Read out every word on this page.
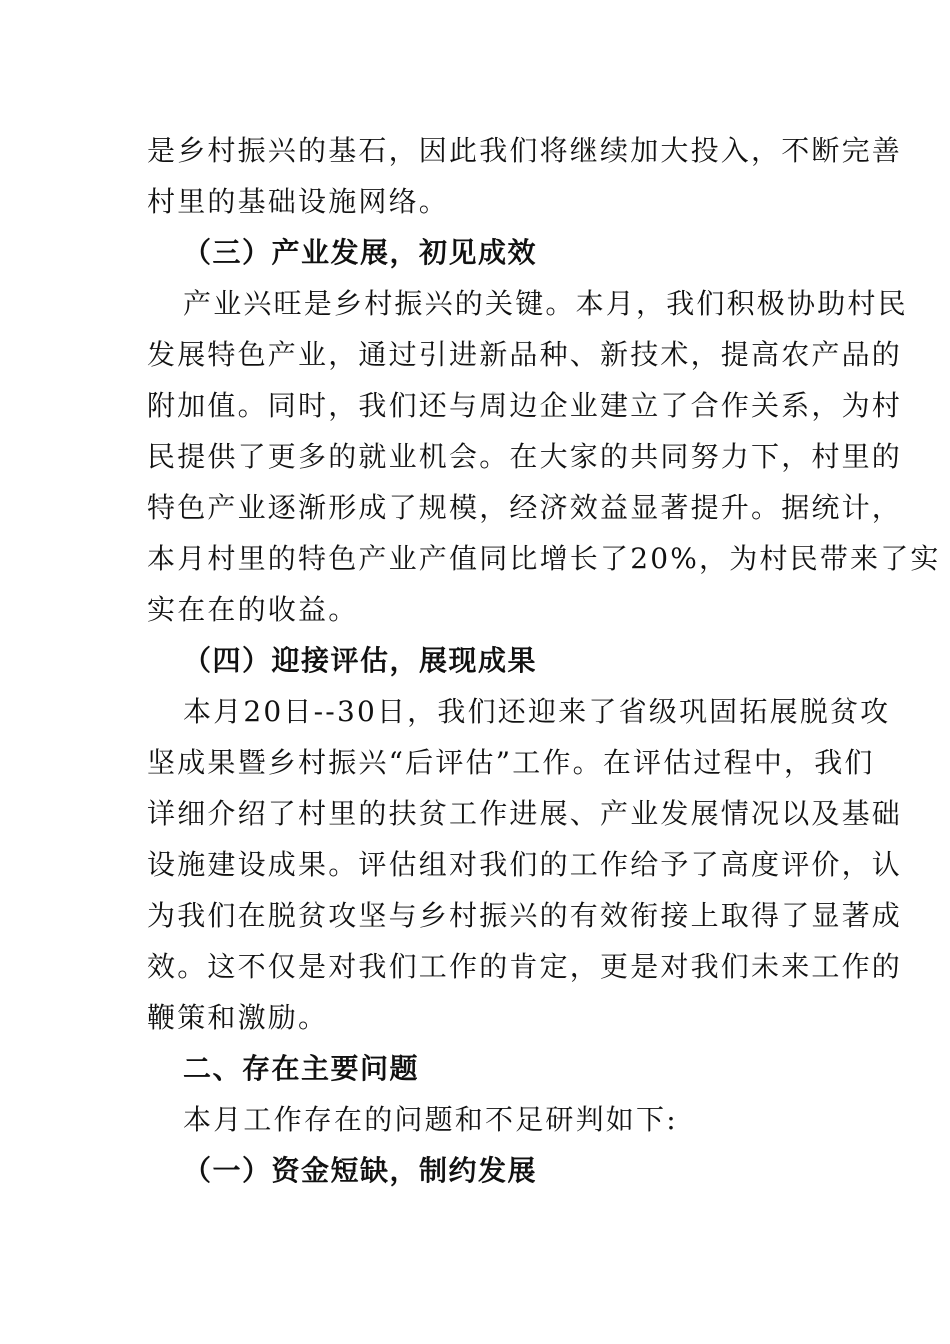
是乡村振兴的基石，因此我们将继续加大投入，不断完善
村里的基础设施网络。
（三）产业发展，初见成效
产业兴旺是乡村振兴的关键。本月，我们积极协助村民
发展特色产业，通过引进新品种、新技术，提高农产品的
附加值。同时，我们还与周边企业建立了合作关系，为村
民提供了更多的就业机会。在大家的共同努力下，村里的
特色产业逐渐形成了规模，经济效益显著提升。据统计，
本月村里的特色产业产值同比增长了20%，为村民带来了实
实在在的收益。
（四）迎接评估，展现成果
本月20日--30日，我们还迎来了省级巩固拓展脱贫攻
坚成果暨乡村振兴“后评估”工作。在评估过程中，我们
详细介绍了村里的扶贫工作进展、产业发展情况以及基础
设施建设成果。评估组对我们的工作给予了高度评价，认
为我们在脱贫攻坚与乡村振兴的有效衔接上取得了显著成
效。这不仅是对我们工作的肯定，更是对我们未来工作的
鞭策和激励。
二、存在主要问题
本月工作存在的问题和不足研判如下:
（一）资金短缺，制约发展
